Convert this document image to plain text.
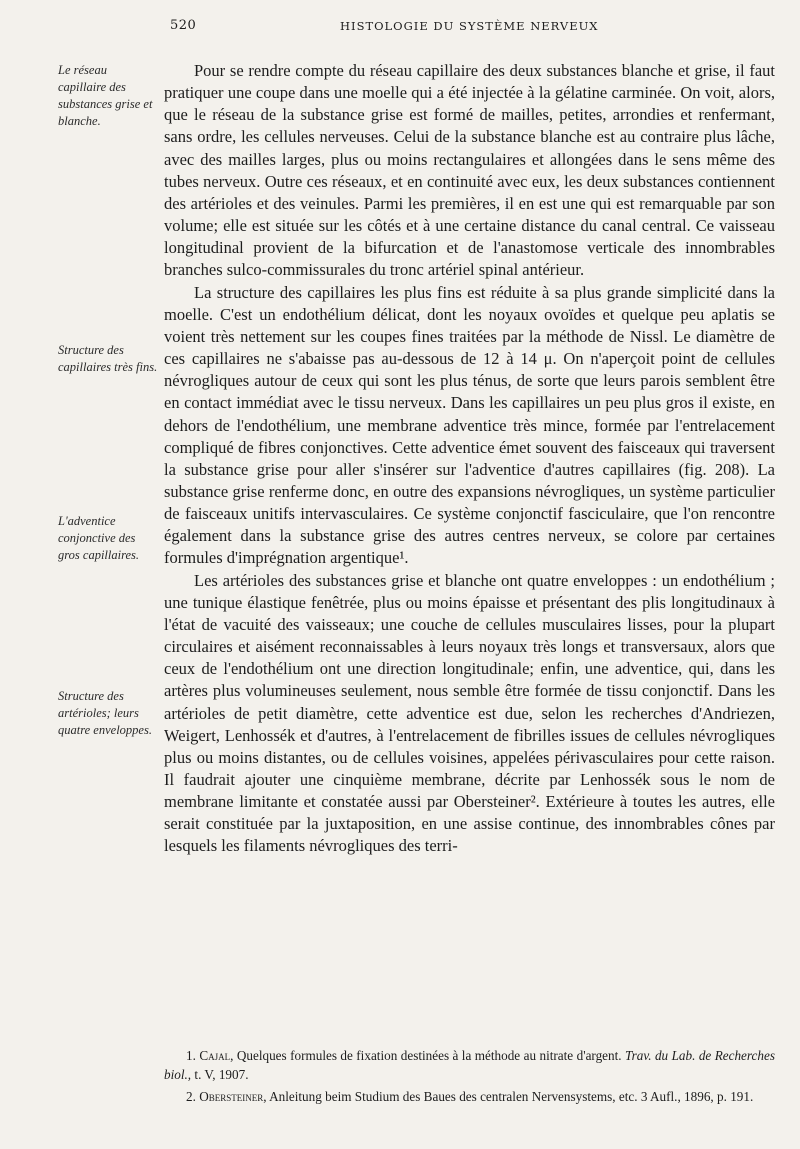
520	HISTOLOGIE DU SYSTÈME NERVEUX
Le réseau capillaire des substances grise et blanche.
Structure des capillaires très fins.
L'adventice conjonctive des gros capillaires.
Structure des artérioles; leurs quatre enveloppes.

Pour se rendre compte du réseau capillaire des deux substances blanche et grise, il faut pratiquer une coupe dans une moelle qui a été injectée à la gélatine carminée. On voit, alors, que le réseau de la substance grise est formé de mailles, petites, arrondies et renfermant, sans ordre, les cellules nerveuses. Celui de la substance blanche est au contraire plus lâche, avec des mailles larges, plus ou moins rectangulaires et allongées dans le sens même des tubes nerveux. Outre ces réseaux, et en continuité avec eux, les deux substances contiennent des artérioles et des veinules. Parmi les premières, il en est une qui est remarquable par son volume; elle est située sur les côtés et à une certaine distance du canal central. Ce vaisseau longitudinal provient de la bifurcation et de l'anastomose verticale des innombrables branches sulco-commissurales du tronc artériel spinal antérieur.

La structure des capillaires les plus fins est réduite à sa plus grande simplicité dans la moelle. C'est un endothélium délicat, dont les noyaux ovoïdes et quelque peu aplatis se voient très nettement sur les coupes fines traitées par la méthode de Nissl. Le diamètre de ces capillaires ne s'abaisse pas au-dessous de 12 à 14 μ. On n'aperçoit point de cellules névrogliques autour de ceux qui sont les plus ténus, de sorte que leurs parois semblent être en contact immédiat avec le tissu nerveux. Dans les capillaires un peu plus gros il existe, en dehors de l'endothélium, une membrane adventice très mince, formée par l'entrelacement compliqué de fibres conjonctives. Cette adventice émet souvent des faisceaux qui traversent la substance grise pour aller s'insérer sur l'adventice d'autres capillaires (fig. 208). La substance grise renferme donc, en outre des expansions névrogliques, un système particulier de faisceaux unitifs intervasculaires. Ce système conjonctif fasciculaire, que l'on rencontre également dans la substance grise des autres centres nerveux, se colore par certaines formules d'imprégnation argentique¹.

Les artérioles des substances grise et blanche ont quatre enveloppes : un endothélium ; une tunique élastique fenêtrée, plus ou moins épaisse et présentant des plis longitudinaux à l'état de vacuité des vaisseaux; une couche de cellules musculaires lisses, pour la plupart circulaires et aisément reconnaissables à leurs noyaux très longs et transversaux, alors que ceux de l'endothélium ont une direction longitudinale; enfin, une adventice, qui, dans les artères plus volumineuses seulement, nous semble être formée de tissu conjonctif. Dans les artérioles de petit diamètre, cette adventice est due, selon les recherches d'Andriezen, Weigert, Lenhossék et d'autres, à l'entrelacement de fibrilles issues de cellules névrogliques plus ou moins distantes, ou de cellules voisines, appelées périvasculaires pour cette raison. Il faudrait ajouter une cinquième membrane, décrite par Lenhossék sous le nom de membrane limitante et constatée aussi par Obersteiner². Extérieure à toutes les autres, elle serait constituée par la juxtaposition, en une assise continue, des innombrables cônes par lesquels les filaments névrogliques des terri-

1. Cajal, Quelques formules de fixation destinées à la méthode au nitrate d'argent. Trav. du Lab. de Recherches biol., t. V, 1907.

2. Obersteiner, Anleitung beim Studium des Baues des centralen Nervensystems, etc. 3 Aufl., 1896, p. 191.
